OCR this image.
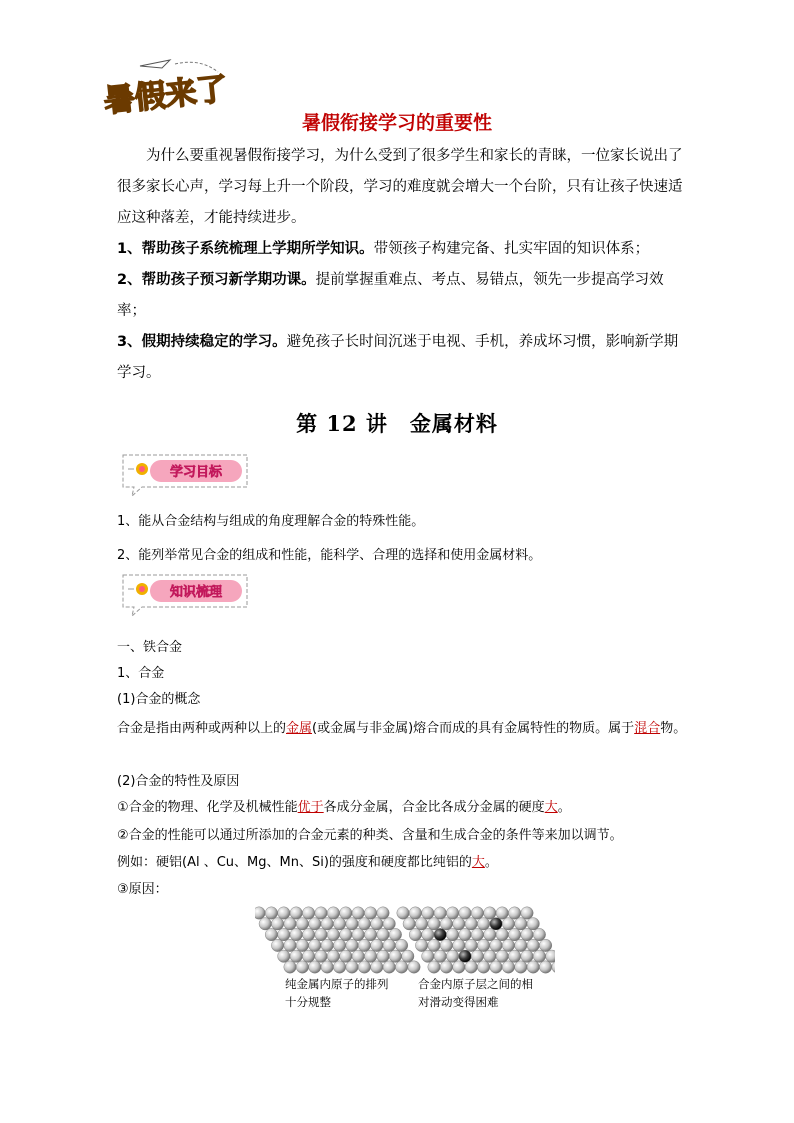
暑假来了
暑假衔接学习的重要性
为什么要重视暑假衔接学习，为什么受到了很多学生和家长的青睐，一位家长说出了很多家长心声，学习每上升一个阶段，学习的难度就会增大一个台阶，只有让孩子快速适应这种落差，才能持续进步。
1、帮助孩子系统梳理上学期所学知识。带领孩子构建完备、扎实牢固的知识体系；
2、帮助孩子预习新学期功课。提前掌握重难点、考点、易错点，领先一步提高学习效率；
3、假期持续稳定的学习。避免孩子长时间沉迷于电视、手机，养成坏习惯，影响新学期学习。
第 12 讲　金属材料
学习目标
1、能从合金结构与组成的角度理解合金的特殊性能。
2、能列举常见合金的组成和性能，能科学、合理的选择和使用金属材料。
知识梳理
一、铁合金
1、合金
(1)合金的概念
合金是指由两种或两种以上的金属(或金属与非金属)熔合而成的具有金属特性的物质。属于混合物。
(2)合金的特性及原因
①合金的物理、化学及机械性能优于各成分金属，合金比各成分金属的硬度大。
②合金的性能可以通过所添加的合金元素的种类、含量和生成合金的条件等来加以调节。
例如：硬铝(Al 、Cu、Mg、Mn、Si)的强度和硬度都比纯铝的大。
③原因：
纯金属内原子的排列
十分规整
合金内原子层之间的相
对滑动变得困难
